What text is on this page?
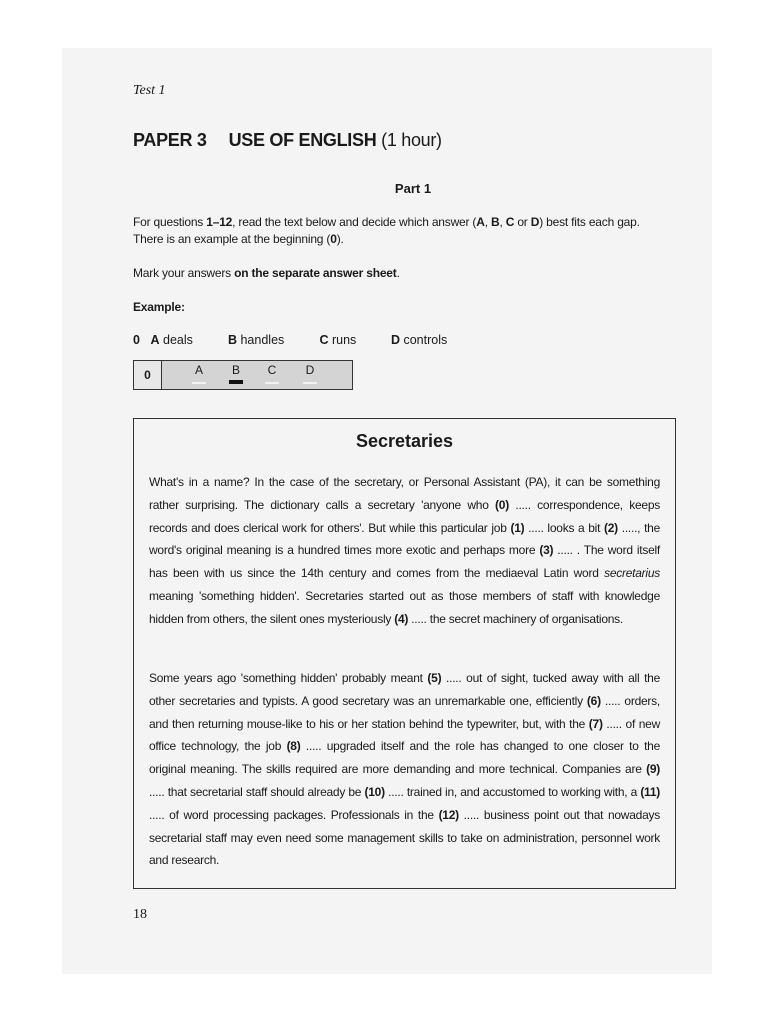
Test 1
PAPER 3 USE OF ENGLISH (1 hour)
Part 1
For questions 1–12, read the text below and decide which answer (A, B, C or D) best fits each gap.
There is an example at the beginning (0).
Mark your answers on the separate answer sheet.
Example:
0 A deals	B handles	C runs	D controls
0	A	B	C	D
Secretaries
What's in a name? In the case of the secretary, or Personal Assistant (PA), it can be something rather surprising. The dictionary calls a secretary 'anyone who (0) ..... correspondence, keeps records and does clerical work for others'. But while this particular job (1) ..... looks a bit (2) ....., the word's original meaning is a hundred times more exotic and perhaps more (3) ..... . The word itself has been with us since the 14th century and comes from the mediaeval Latin word secretarius meaning 'something hidden'. Secretaries started out as those members of staff with knowledge hidden from others, the silent ones mysteriously (4) ..... the secret machinery of organisations.
Some years ago 'something hidden' probably meant (5) ..... out of sight, tucked away with all the other secretaries and typists. A good secretary was an unremarkable one, efficiently (6) ..... orders, and then returning mouse-like to his or her station behind the typewriter, but, with the (7) ..... of new office technology, the job (8) ..... upgraded itself and the role has changed to one closer to the original meaning. The skills required are more demanding and more technical. Companies are (9) ..... that secretarial staff should already be (10) ..... trained in, and accustomed to working with, a (11) ..... of word processing packages. Professionals in the (12) ..... business point out that nowadays secretarial staff may even need some management skills to take on administration, personnel work and research.
18
